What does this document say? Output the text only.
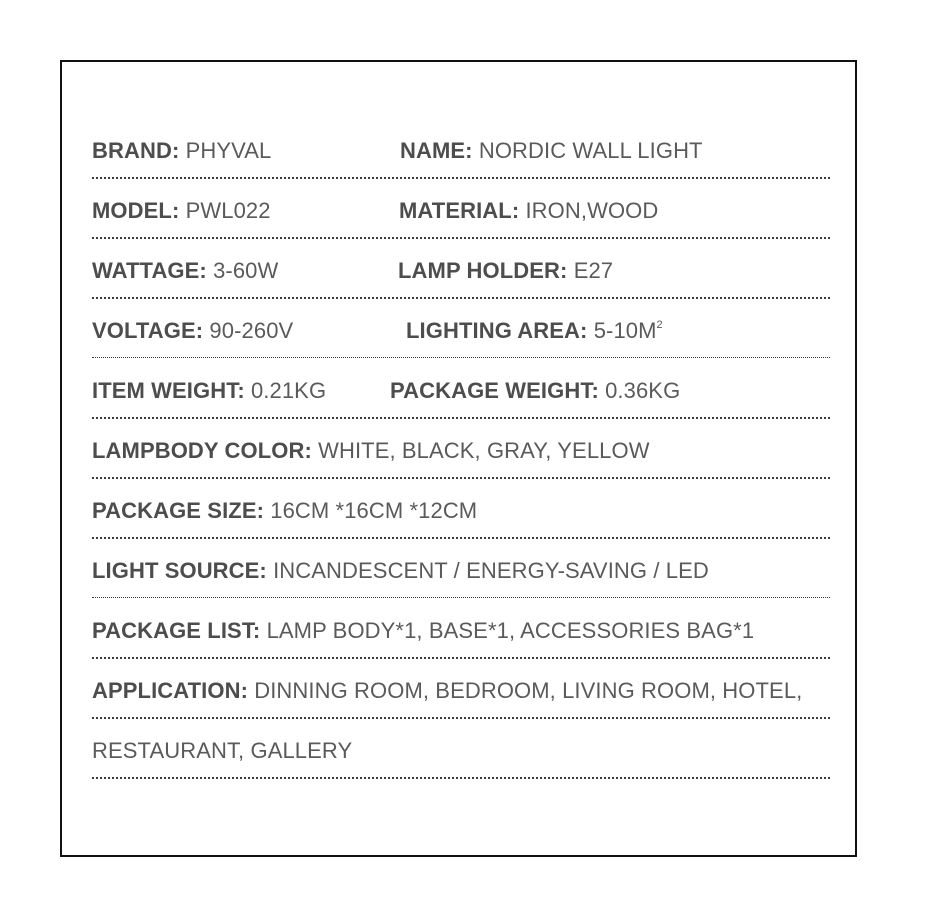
BRAND: PHYVAL	NAME: NORDIC WALL LIGHT
MODEL: PWL022	MATERIAL: IRON,WOOD
WATTAGE: 3-60W	LAMP HOLDER: E27
VOLTAGE: 90-260V	LIGHTING AREA: $5-10M^2$
ITEM WEIGHT: 0.21KG	PACKAGE WEIGHT: 0.36KG
LAMPBODY COLOR: WHITE, BLACK, GRAY, YELLOW
PACKAGE SIZE: 16CM *16CM *12CM
LIGHT SOURCE: INCANDESCENT / ENERGY-SAVING / LED
PACKAGE LIST: LAMP BODY*1, BASE*1, ACCESSORIES BAG*1
APPLICATION: DINNING ROOM, BEDROOM, LIVING ROOM, HOTEL,
RESTAURANT, GALLERY
